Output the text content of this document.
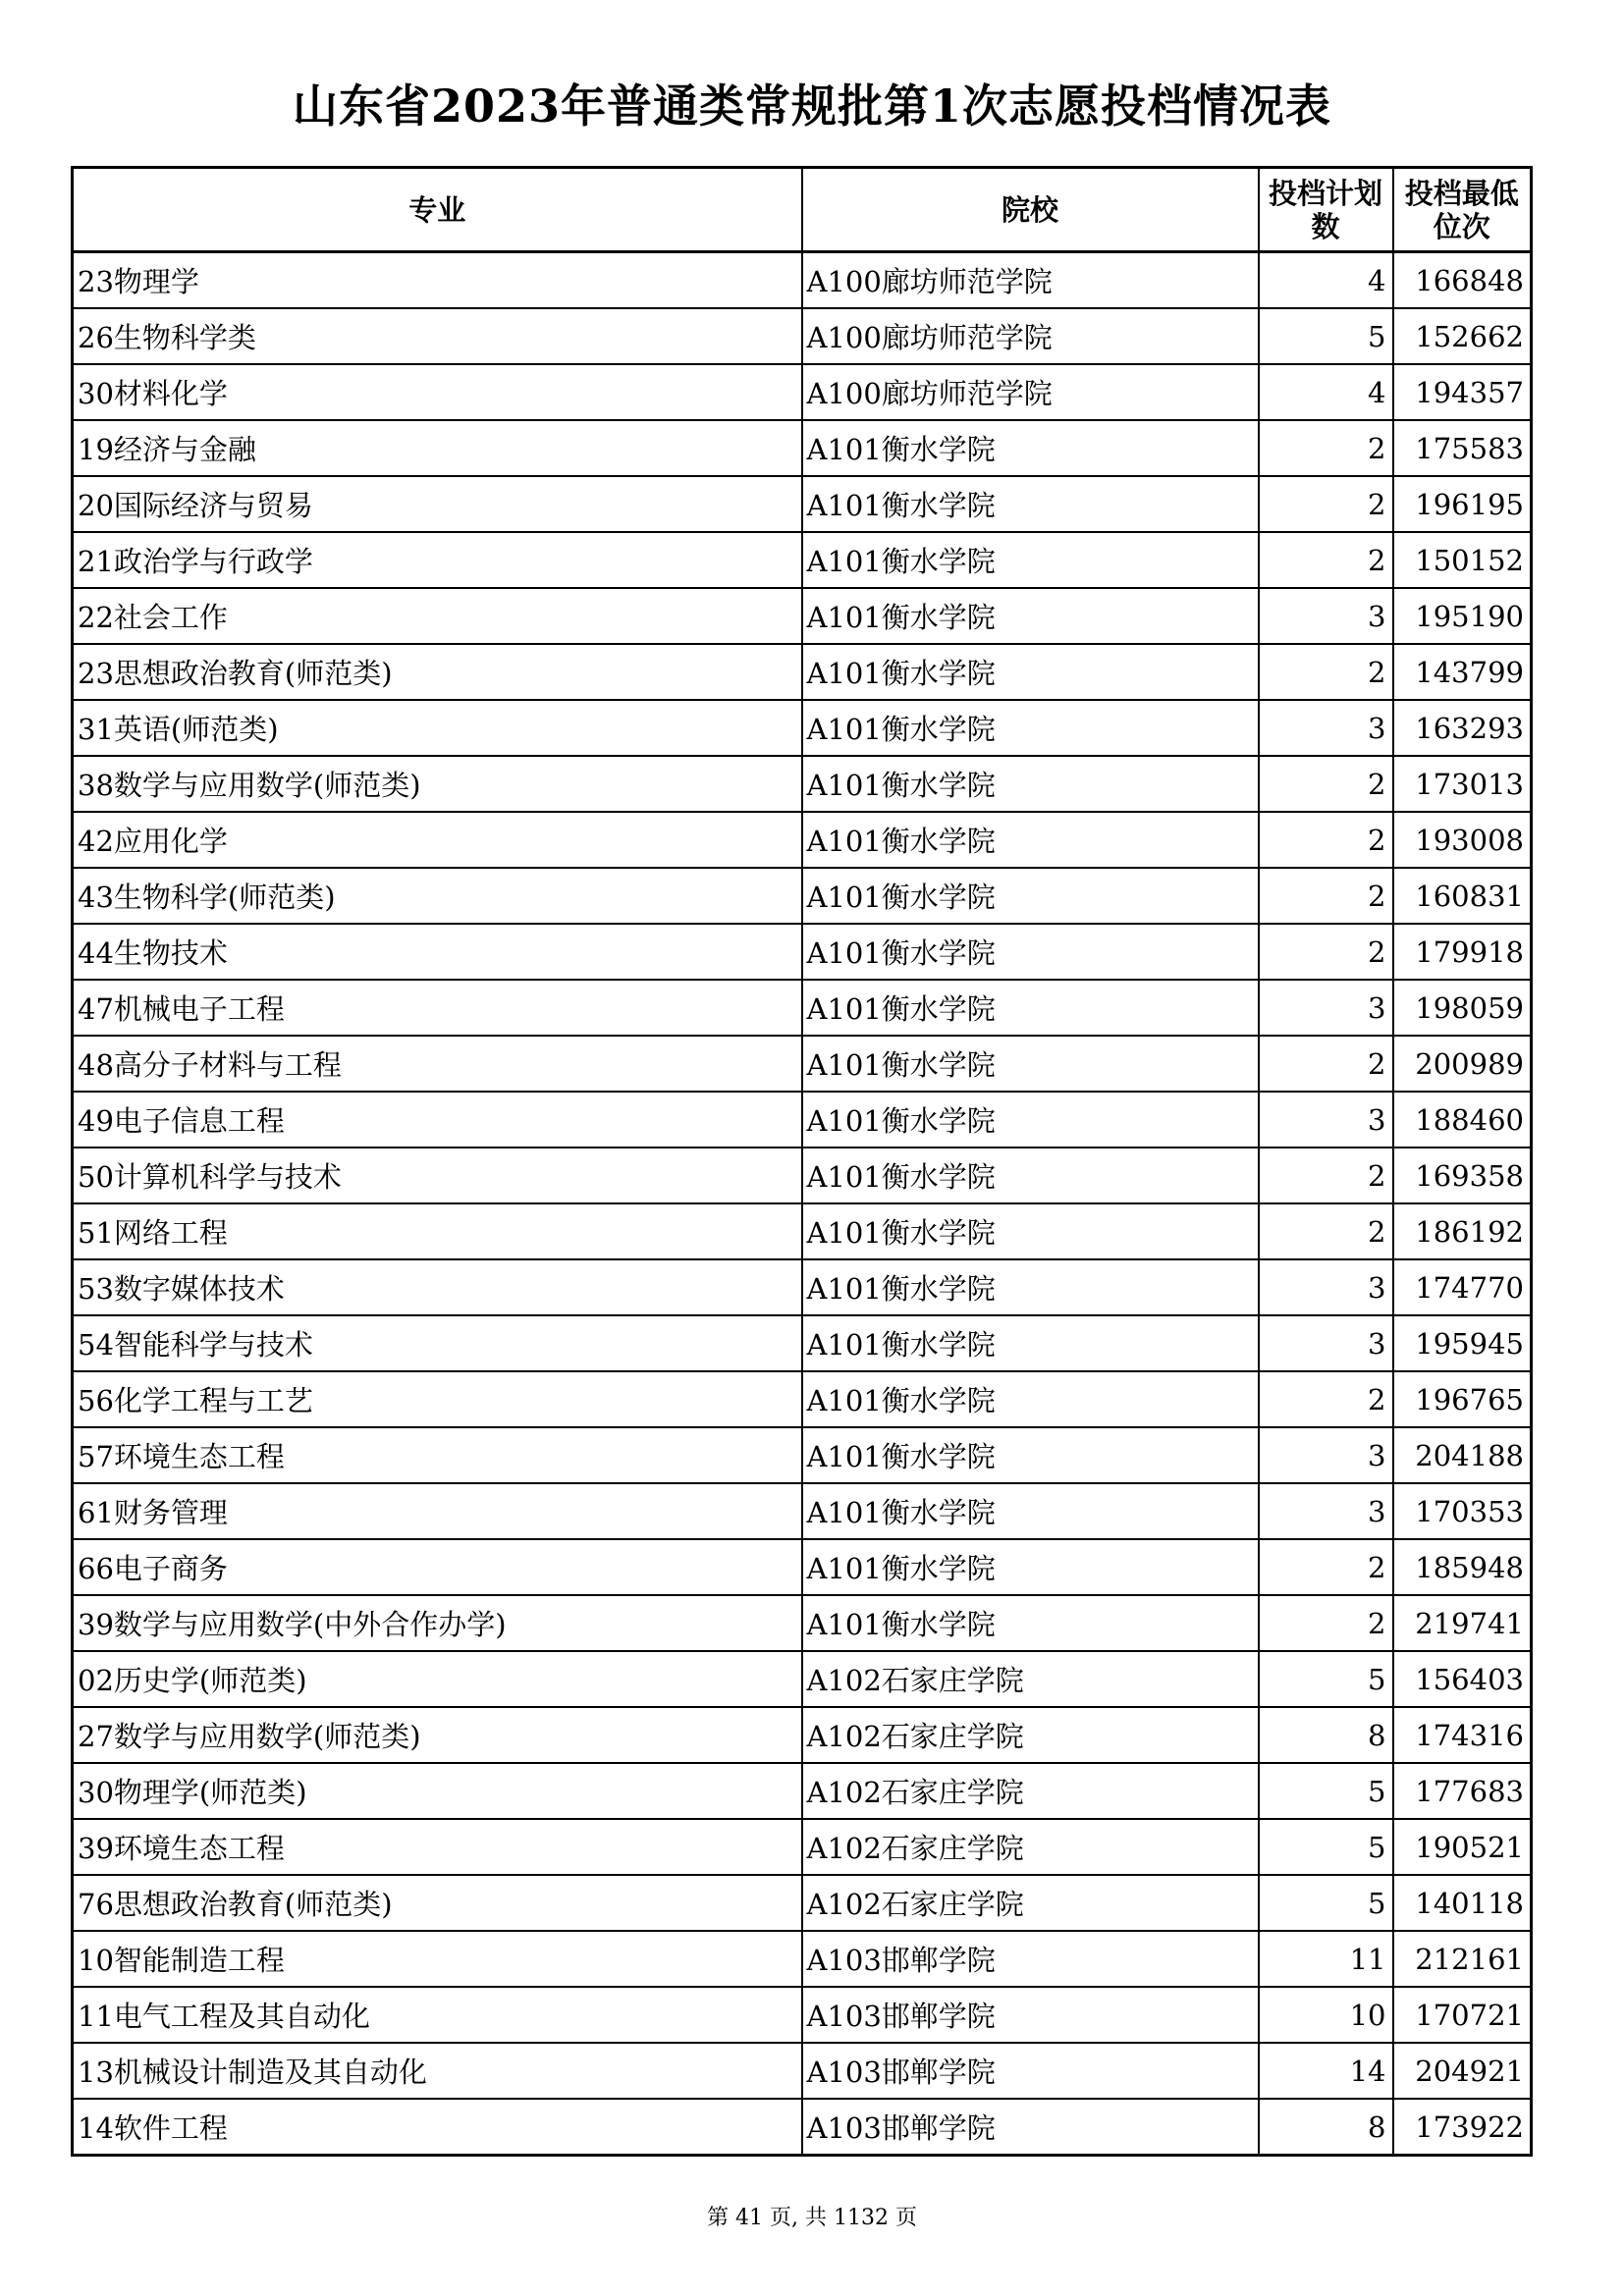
山东省2023年普通类常规批第1次志愿投档情况表
专业	院校	投档计划数	投档最低位次
23物理学	A100廊坊师范学院	4	166848
26生物科学类	A100廊坊师范学院	5	152662
30材料化学	A100廊坊师范学院	4	194357
19经济与金融	A101衡水学院	2	175583
20国际经济与贸易	A101衡水学院	2	196195
21政治学与行政学	A101衡水学院	2	150152
22社会工作	A101衡水学院	3	195190
23思想政治教育(师范类)	A101衡水学院	2	143799
31英语(师范类)	A101衡水学院	3	163293
38数学与应用数学(师范类)	A101衡水学院	2	173013
42应用化学	A101衡水学院	2	193008
43生物科学(师范类)	A101衡水学院	2	160831
44生物技术	A101衡水学院	2	179918
47机械电子工程	A101衡水学院	3	198059
48高分子材料与工程	A101衡水学院	2	200989
49电子信息工程	A101衡水学院	3	188460
50计算机科学与技术	A101衡水学院	2	169358
51网络工程	A101衡水学院	2	186192
53数字媒体技术	A101衡水学院	3	174770
54智能科学与技术	A101衡水学院	3	195945
56化学工程与工艺	A101衡水学院	2	196765
57环境生态工程	A101衡水学院	3	204188
61财务管理	A101衡水学院	3	170353
66电子商务	A101衡水学院	2	185948
39数学与应用数学(中外合作办学)	A101衡水学院	2	219741
02历史学(师范类)	A102石家庄学院	5	156403
27数学与应用数学(师范类)	A102石家庄学院	8	174316
30物理学(师范类)	A102石家庄学院	5	177683
39环境生态工程	A102石家庄学院	5	190521
76思想政治教育(师范类)	A102石家庄学院	5	140118
10智能制造工程	A103邯郸学院	11	212161
11电气工程及其自动化	A103邯郸学院	10	170721
13机械设计制造及其自动化	A103邯郸学院	14	204921
14软件工程	A103邯郸学院	8	173922
第 41 页, 共 1132 页
